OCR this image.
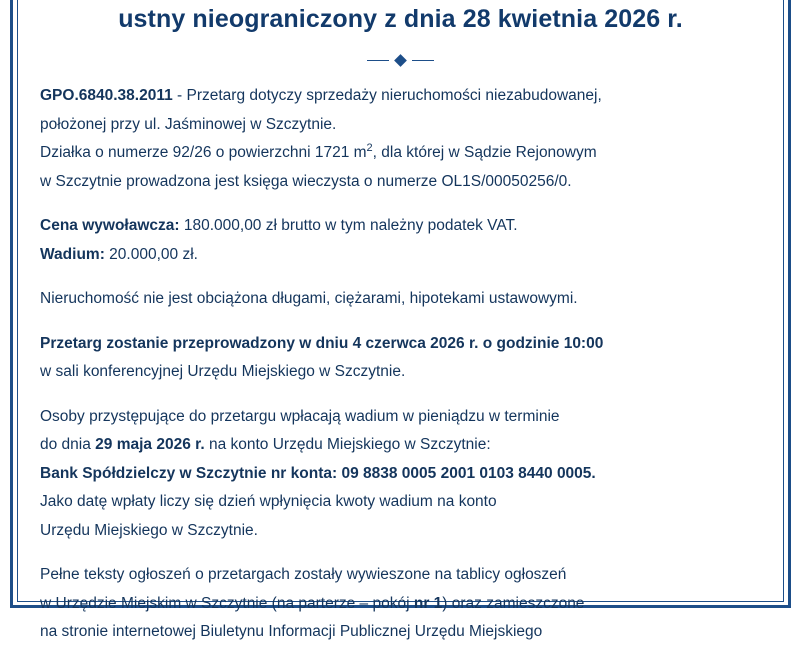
ustny nieograniczony z dnia 28 kwietnia 2026 r.

GPO.6840.38.2011 - Przetarg dotyczy sprzedaży nieruchomości niezabudowanej,
położonej przy ul. Jaśminowej w Szczytnie.

Działka o numerze 92/26 o powierzchni 1721 $m^2$, dla której w Sądzie Rejonowym
w Szczytnie prowadzona jest księga wieczysta o numerze OL1S/00050256/0.

Cena wywoławcza: 180.000,00 zł brutto w tym należny podatek VAT.

Wadium: 20.000,00 zł.

Nieruchomość nie jest obciążona długami, ciężarami, hipotekami ustawowymi.

Przetarg zostanie przeprowadzony w dniu 4 czerwca 2026 r. o godzinie 10:00
w sali konferencyjnej Urzędu Miejskiego w Szczytnie.

Osoby przystępujące do przetargu wpłacają wadium w pieniądzu w terminie
do dnia 29 maja 2026 r. na konto Urzędu Miejskiego w Szczytnie:
Bank Spółdzielczy w Szczytnie nr konta: 09 8838 0005 2001 0103 8440 0005.
Jako datę wpłaty liczy się dzień wpłynięcia kwoty wadium na konto
Urzędu Miejskiego w Szczytnie.

Pełne teksty ogłoszeń o przetargach zostały wywieszone na tablicy ogłoszeń
w Urzędzie Miejskim w Szczytnie (na parterze – pokój nr 1) oraz zamieszczone
na stronie internetowej Biuletynu Informacji Publicznej Urzędu Miejskiego
